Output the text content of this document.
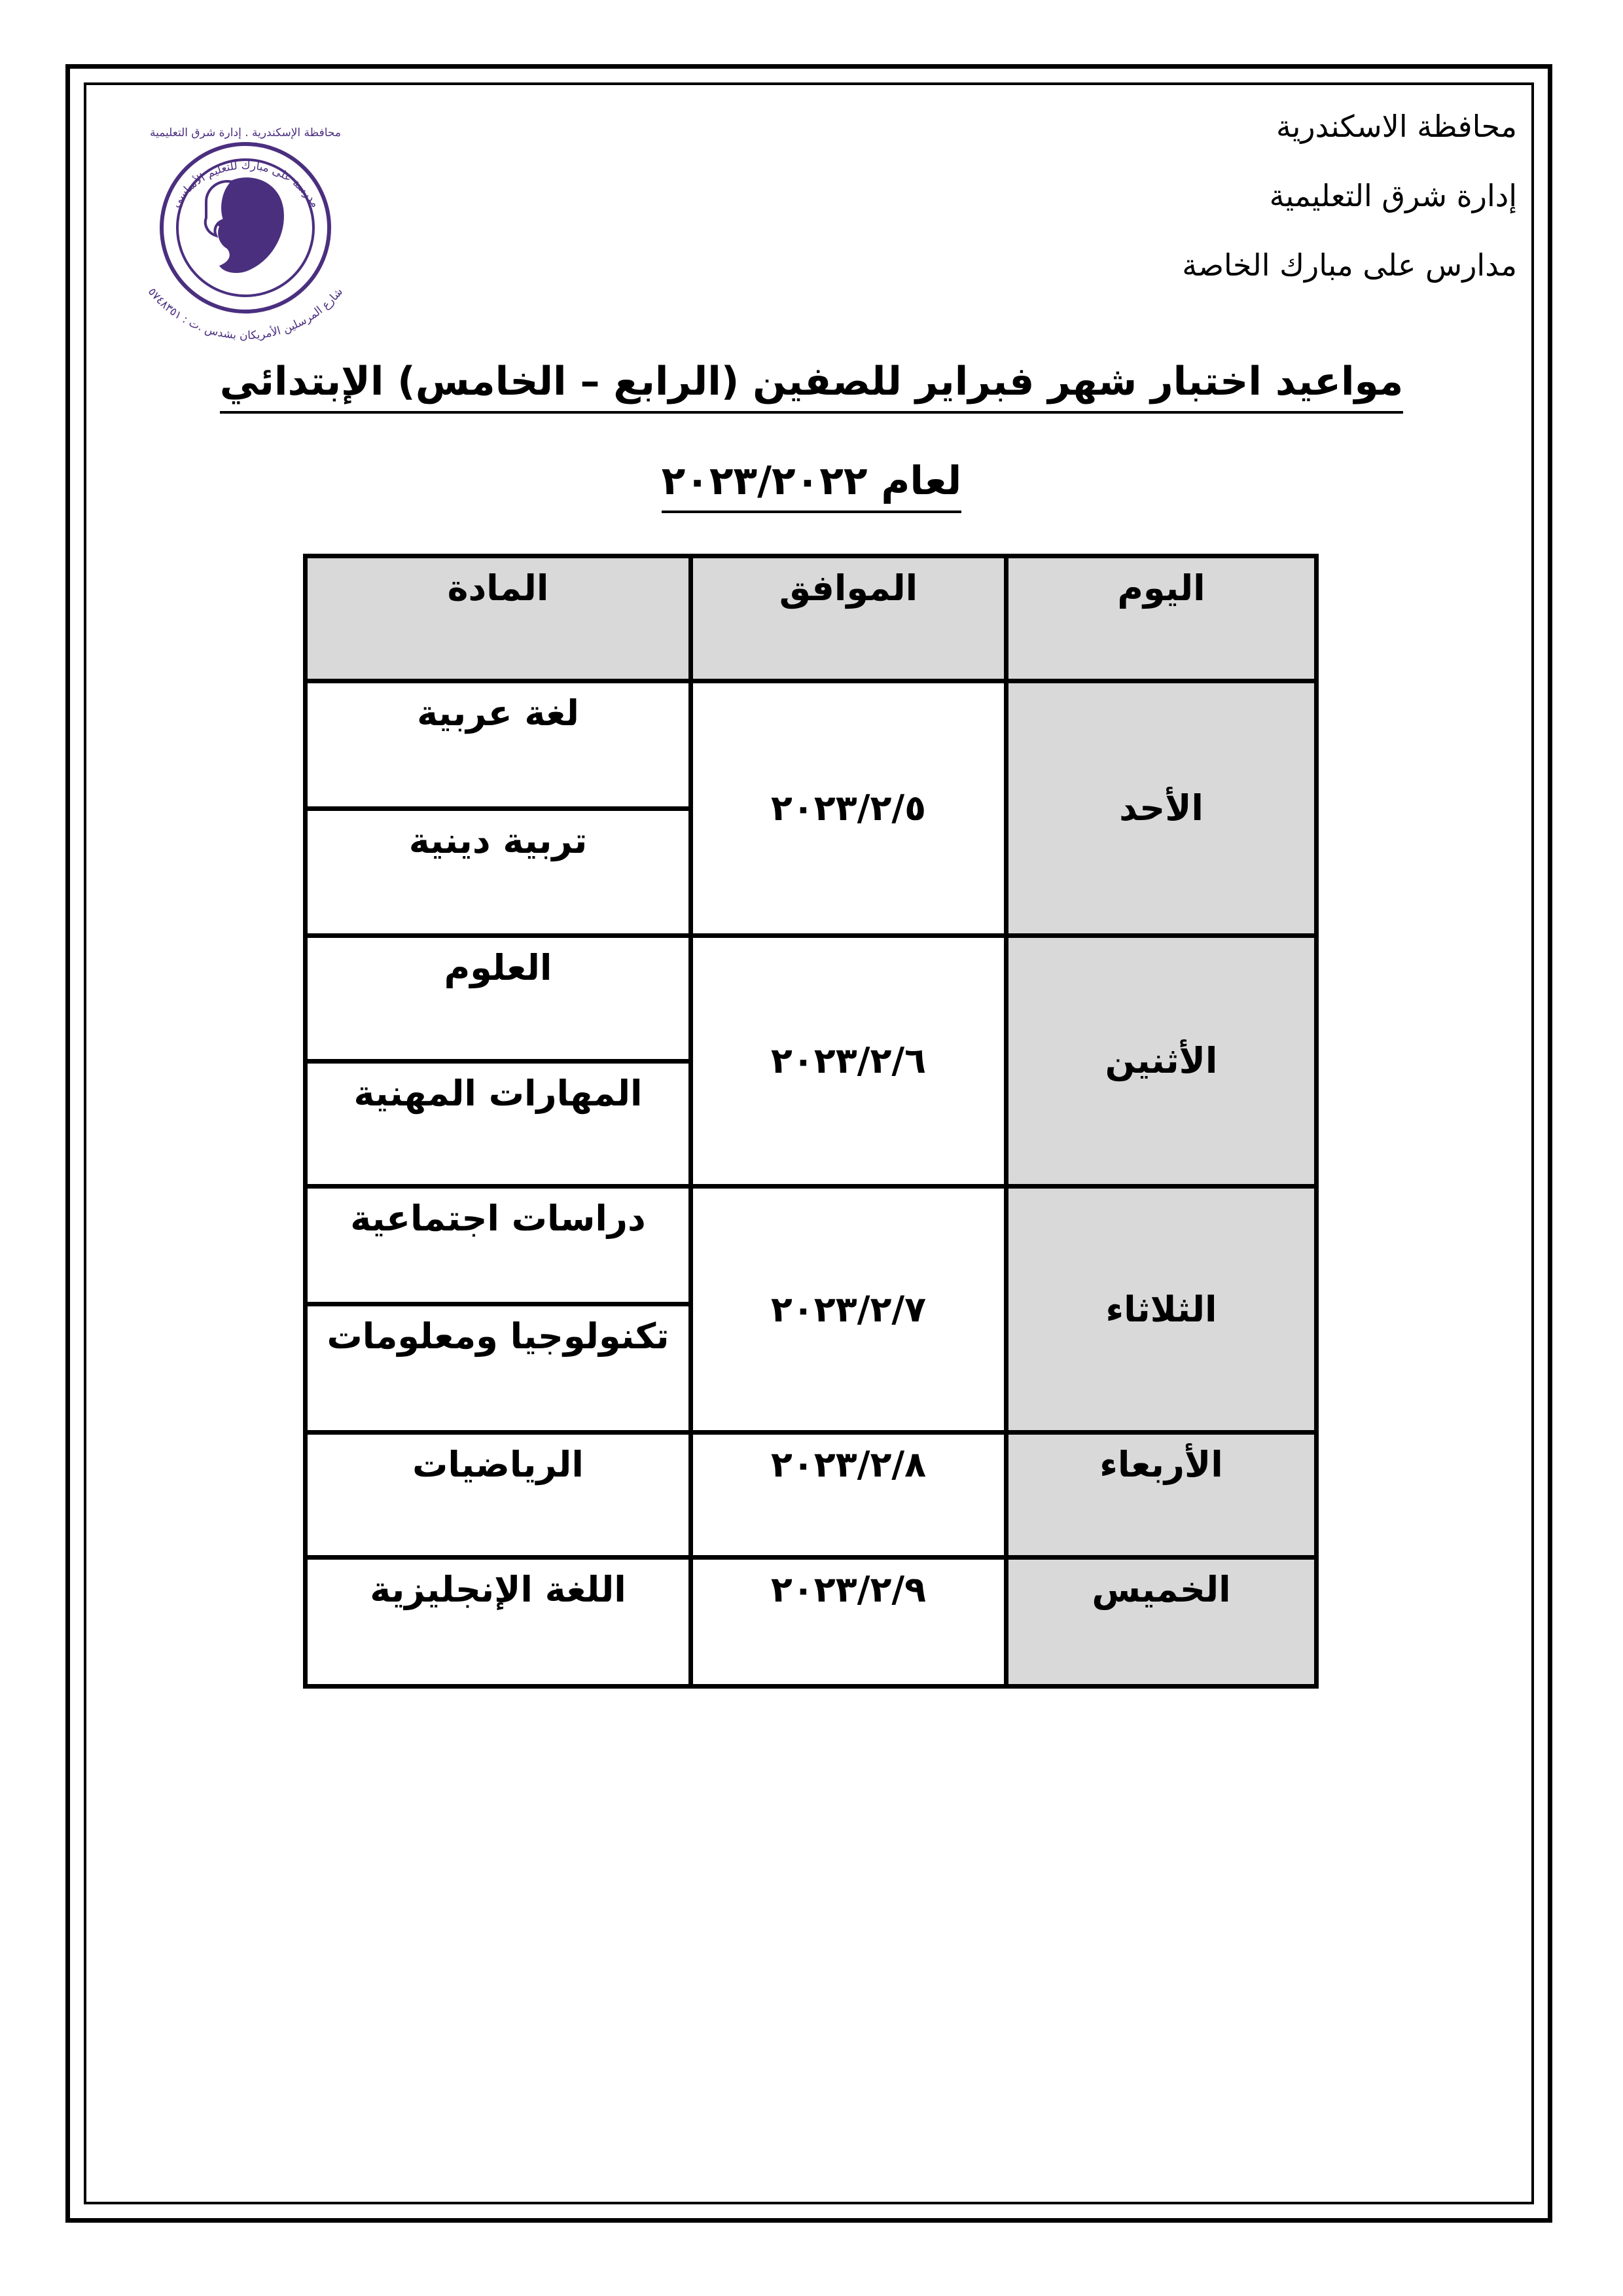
محافظة الاسكندرية
إدارة شرق التعليمية
مدارس على مبارك الخاصة
مدرسة على مبارك للتعليم الأساسى
شارع المرسلين الأمريكان بشدس .ت : ٥٧٤٨٣٥١
محافظة الإسكندرية . إدارة شرق التعليمية
مواعيد اختبار شهر فبراير للصفين (الرابع – الخامس) الإبتدائي
لعام ٢٠٢٣/٢٠٢٢
اليوم	الموافق	المادة
الأحد	٢٠٢٣/٢/٥	لغة عربية
		تربية دينية
الأثنين	٢٠٢٣/٢/٦	العلوم
		المهارات المهنية
الثلاثاء	٢٠٢٣/٢/٧	دراسات اجتماعية
		تكنولوجيا ومعلومات
الأربعاء	٢٠٢٣/٢/٨	الرياضيات
الخميس	٢٠٢٣/٢/٩	اللغة الإنجليزية
